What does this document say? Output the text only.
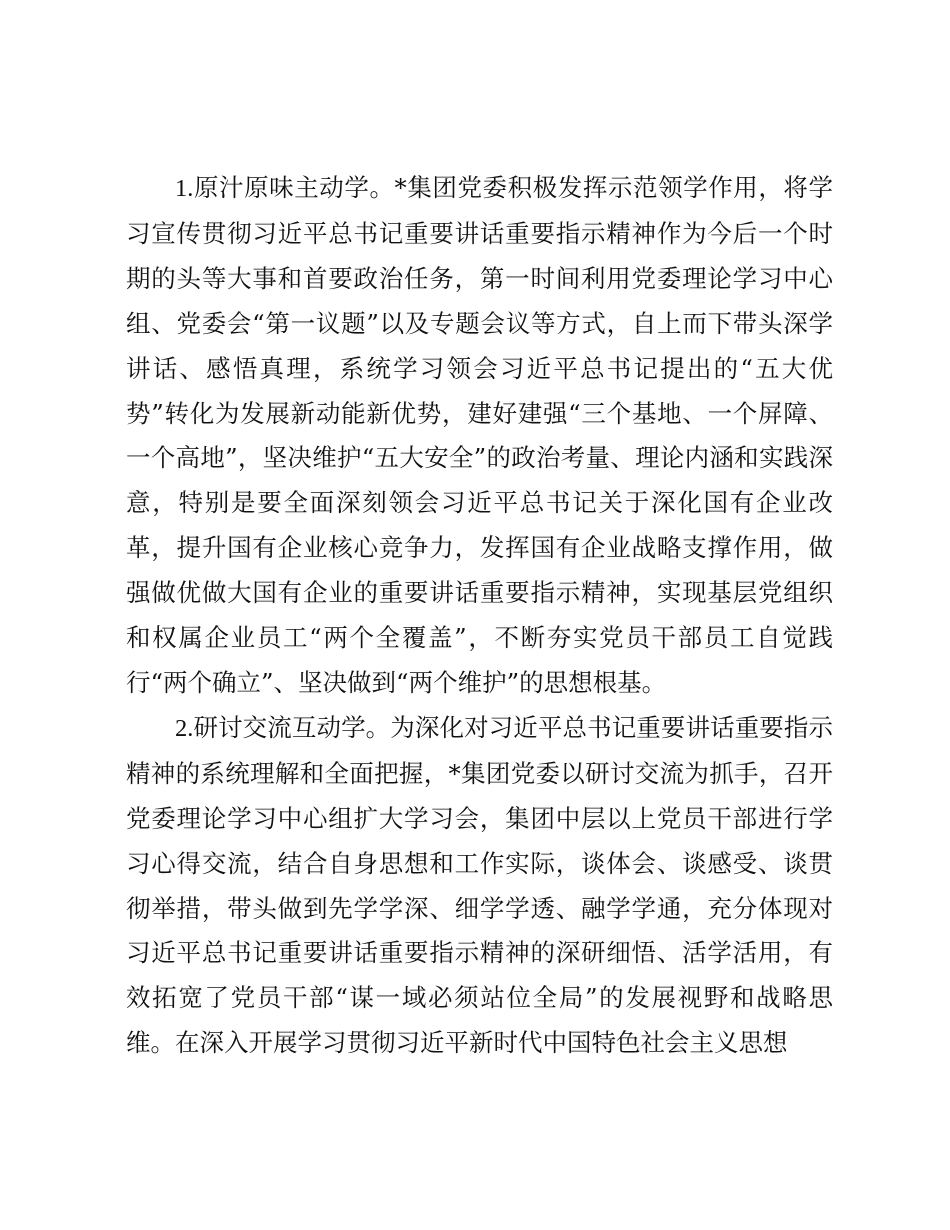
1.原汁原味主动学。*集团党委积极发挥示范领学作用，将学习宣传贯彻习近平总书记重要讲话重要指示精神作为今后一个时期的头等大事和首要政治任务，第一时间利用党委理论学习中心组、党委会“第一议题”以及专题会议等方式，自上而下带头深学讲话、感悟真理，系统学习领会习近平总书记提出的“五大优势”转化为发展新动能新优势，建好建强“三个基地、一个屏障、一个高地”，坚决维护“五大安全”的政治考量、理论内涵和实践深意，特别是要全面深刻领会习近平总书记关于深化国有企业改革，提升国有企业核心竞争力，发挥国有企业战略支撑作用，做强做优做大国有企业的重要讲话重要指示精神，实现基层党组织和权属企业员工“两个全覆盖”，不断夯实党员干部员工自觉践行“两个确立”、坚决做到“两个维护”的思想根基。

2.研讨交流互动学。为深化对习近平总书记重要讲话重要指示精神的系统理解和全面把握，*集团党委以研讨交流为抓手，召开党委理论学习中心组扩大学习会，集团中层以上党员干部进行学习心得交流，结合自身思想和工作实际，谈体会、谈感受、谈贯彻举措，带头做到先学学深、细学学透、融学学通，充分体现对习近平总书记重要讲话重要指示精神的深研细悟、活学活用，有效拓宽了党员干部“谋一域必须站位全局”的发展视野和战略思维。在深入开展学习贯彻习近平新时代中国特色社会主义思想
